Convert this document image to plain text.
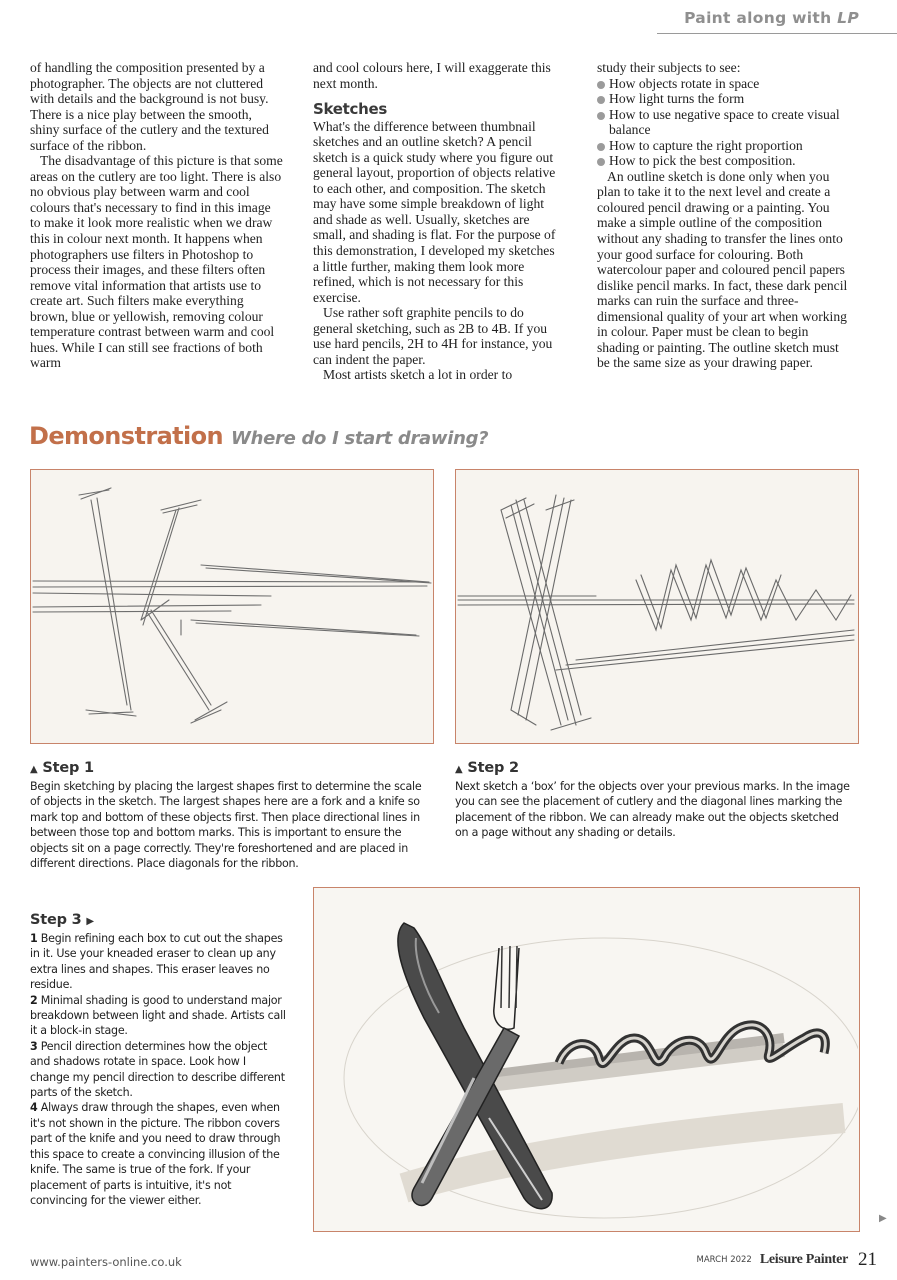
Paint along with LP

of handling the composition presented by a photographer. The objects are not cluttered with details and the background is not busy. There is a nice play between the smooth, shiny surface of the cutlery and the textured surface of the ribbon.

The disadvantage of this picture is that some areas on the cutlery are too light. There is also no obvious play between warm and cool colours that's necessary to find in this image to make it look more realistic when we draw this in colour next month. It happens when photographers use filters in Photoshop to process their images, and these filters often remove vital information that artists use to create art. Such filters make everything brown, blue or yellowish, removing colour temperature contrast between warm and cool hues. While I can still see fractions of both warm

and cool colours here, I will exaggerate this next month.

Sketches

What's the difference between thumbnail sketches and an outline sketch? A pencil sketch is a quick study where you figure out general layout, proportion of objects relative to each other, and composition. The sketch may have some simple breakdown of light and shade as well. Usually, sketches are small, and shading is flat. For the purpose of this demonstration, I developed my sketches a little further, making them look more refined, which is not necessary for this exercise.

Use rather soft graphite pencils to do general sketching, such as 2B to 4B. If you use hard pencils, 2H to 4H for instance, you can indent the paper.

Most artists sketch a lot in order to

study their subjects to see:

How objects rotate in space
How light turns the form
How to use negative space to create visual balance
How to capture the right proportion
How to pick the best composition.

An outline sketch is done only when you plan to take it to the next level and create a coloured pencil drawing or a painting. You make a simple outline of the composition without any shading to transfer the lines onto your good surface for colouring. Both watercolour paper and coloured pencil papers dislike pencil marks. In fact, these dark pencil marks can ruin the surface and three-dimensional quality of your art when working in colour. Paper must be clean to begin shading or painting. The outline sketch must be the same size as your drawing paper.

Demonstration Where do I start drawing?

▲ Step 1

Begin sketching by placing the largest shapes first to determine the scale of objects in the sketch. The largest shapes here are a fork and a knife so mark top and bottom of these objects first. Then place directional lines in between those top and bottom marks. This is important to ensure the objects sit on a page correctly. They're foreshortened and are placed in different directions. Place diagonals for the ribbon.

▲ Step 2

Next sketch a ‘box’ for the objects over your previous marks. In the image you can see the placement of cutlery and the diagonal lines marking the placement of the ribbon. We can already make out the objects sketched on a page without any shading or details.

Step 3 ▶

1 Begin refining each box to cut out the shapes in it. Use your kneaded eraser to clean up any extra lines and shapes. This eraser leaves no residue.

2 Minimal shading is good to understand major breakdown between light and shade. Artists call it a block-in stage.

3 Pencil direction determines how the object and shadows rotate in space. Look how I change my pencil direction to describe different parts of the sketch.

4 Always draw through the shapes, even when it's not shown in the picture. The ribbon covers part of the knife and you need to draw through this space to create a convincing illusion of the knife. The same is true of the fork. If your placement of parts is intuitive, it's not convincing for the viewer either.

▶
www.painters-online.co.uk	MARCH 2022 Leisure Painter 21
